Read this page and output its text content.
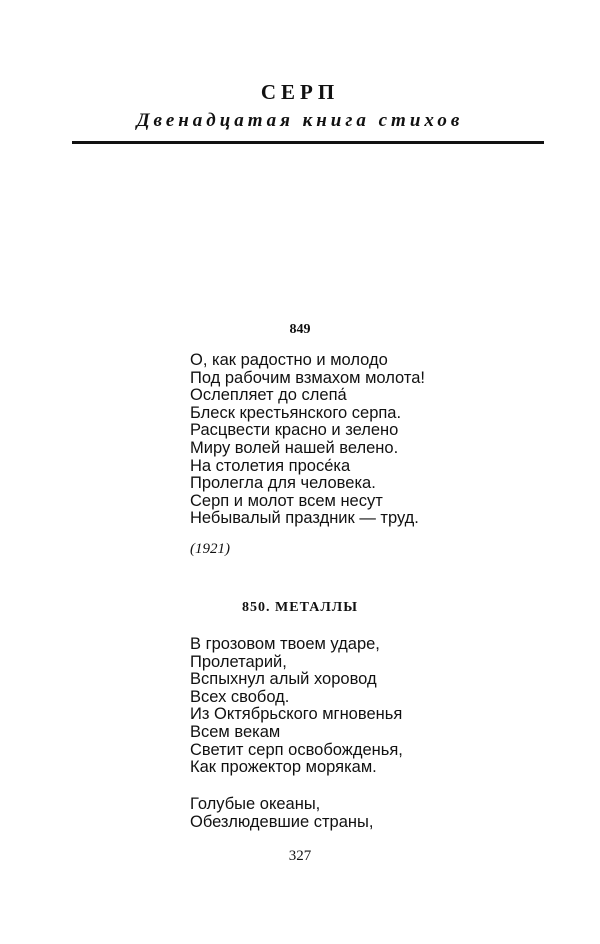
СЕРП
Двенадцатая книга стихов

849

О, как радостно и молодо
Под рабочим взмахом молота!
Ослепляет до слепа́
Блеск крестьянского серпа.
Расцвести красно и зелено
Миру волей нашей велено.
На столетия просе́ка
Пролегла для человека.
Серп и молот всем несут
Небывалый праздник — труд.

(1921)

850. МЕТАЛЛЫ

В грозовом твоем ударе,
Пролетарий,
Вспыхнул алый хоровод
Всех свобод.
Из Октябрьского мгновенья
Всем векам
Светит серп освобожденья,
Как прожектор морякам.
Голубые океаны,
Обезлюдевшие страны,

327
